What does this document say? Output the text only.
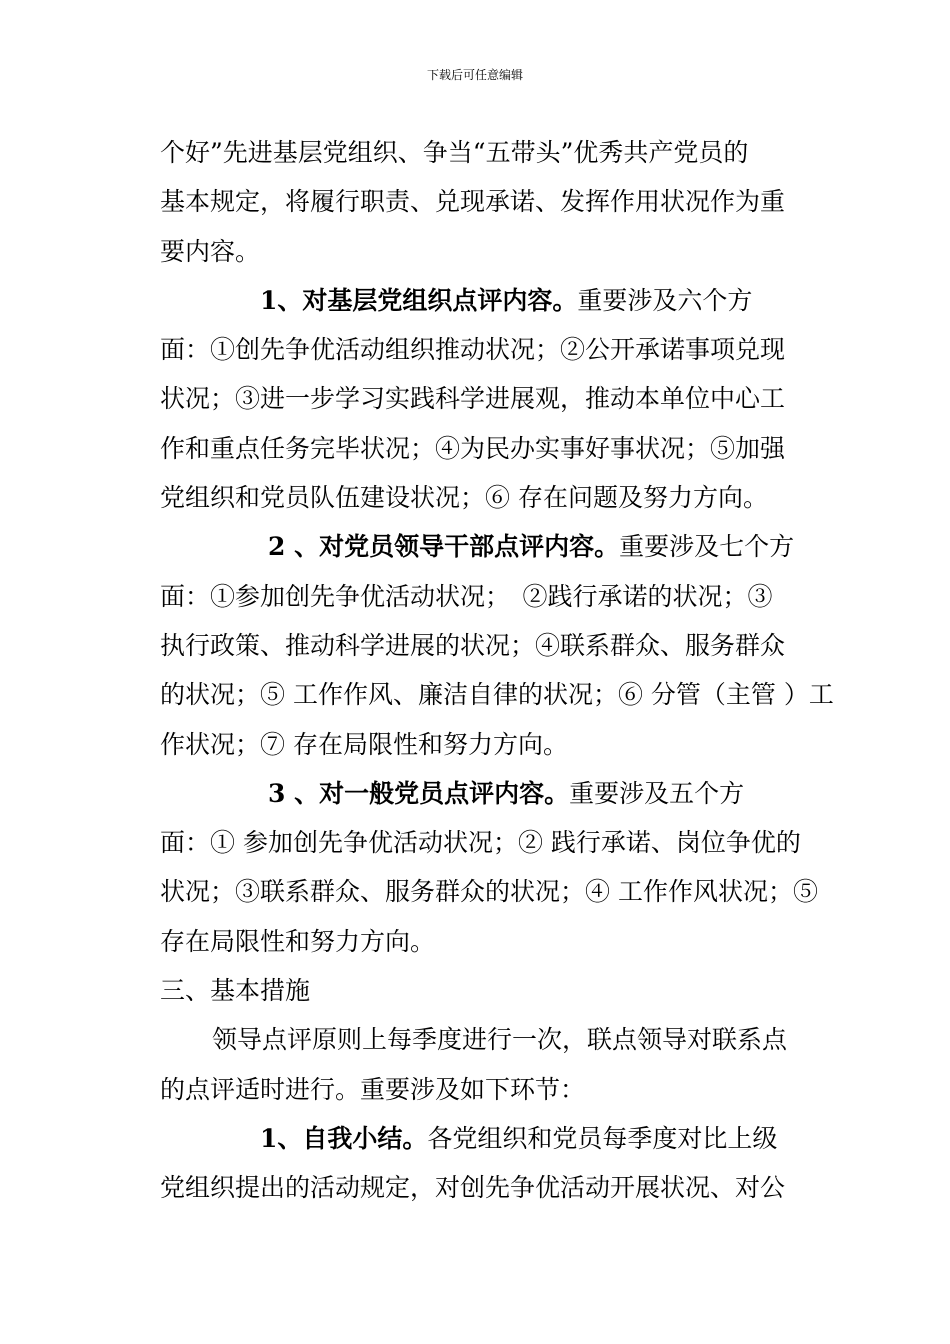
下载后可任意编辑

个好”先进基层党组织、争当“五带头”优秀共产党员的

基本规定，将履行职责、兑现承诺、发挥作用状况作为重

要内容。

1、对基层党组织点评内容。重要涉及六个方

面：①创先争优活动组织推动状况；②公开承诺事项兑现

状况；③进一步学习实践科学进展观，推动本单位中心工

作和重点任务完毕状况；④为民办实事好事状况；⑤加强

党组织和党员队伍建设状况；⑥ 存在问题及努力方向。

2 、对党员领导干部点评内容。重要涉及七个方

面：①参加创先争优活动状况；　②践行承诺的状况；③

执行政策、推动科学进展的状况；④联系群众、服务群众

的状况；⑤ 工作作风、廉洁自律的状况；⑥ 分管（主管 ）工

作状况；⑦ 存在局限性和努力方向。

3 、对一般党员点评内容。重要涉及五个方

面：① 参加创先争优活动状况；② 践行承诺、岗位争优的

状况；③联系群众、服务群众的状况；④ 工作作风状况；⑤

存在局限性和努力方向。

三、基本措施

领导点评原则上每季度进行一次，联点领导对联系点

的点评适时进行。重要涉及如下环节：

1、自我小结。各党组织和党员每季度对比上级

党组织提出的活动规定，对创先争优活动开展状况、对公
